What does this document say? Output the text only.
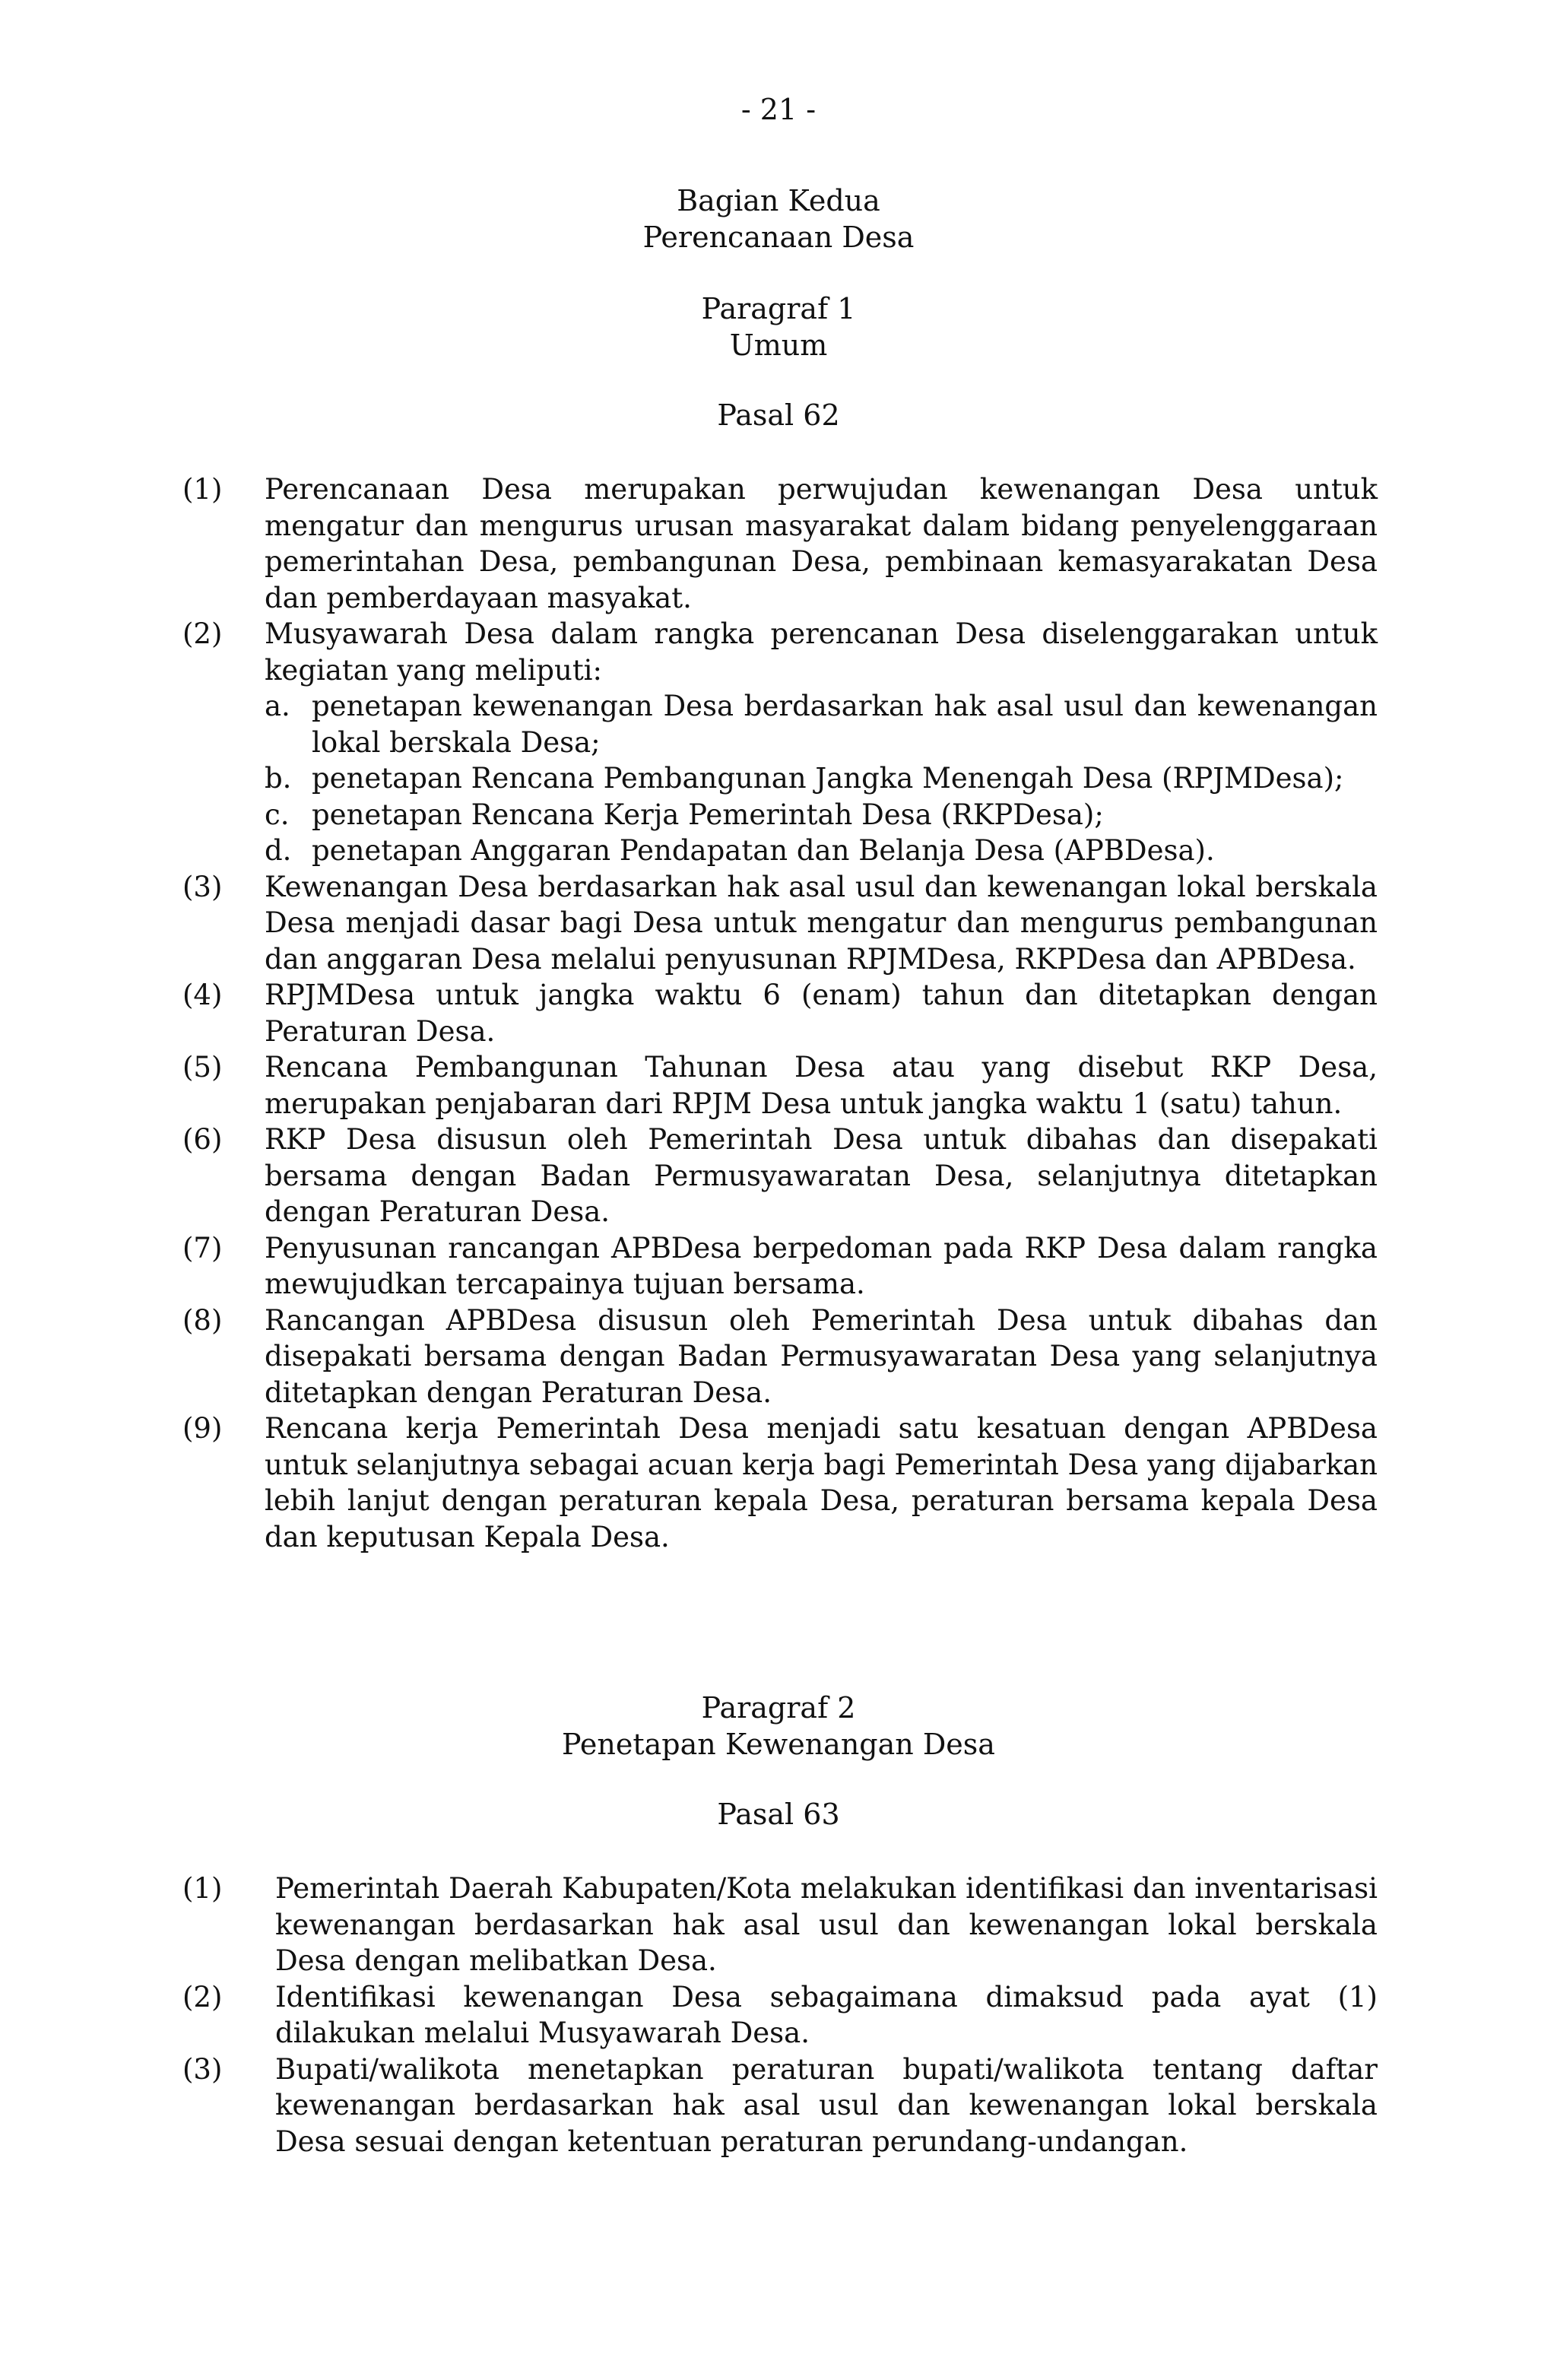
- 21 -
Bagian Kedua
Perencanaan Desa
Paragraf 1
Umum
Pasal 62
(1) Perencanaan Desa merupakan perwujudan kewenangan Desa untuk mengatur dan mengurus urusan masyarakat dalam bidang penyelenggaraan pemerintahan Desa, pembangunan Desa, pembinaan kemasyarakatan Desa dan pemberdayaan masyakat.
(2) Musyawarah Desa dalam rangka perencanan Desa diselenggarakan untuk kegiatan yang meliputi:
a. penetapan kewenangan Desa berdasarkan hak asal usul dan kewenangan lokal berskala Desa;
b. penetapan Rencana Pembangunan Jangka Menengah Desa (RPJMDesa);
c. penetapan Rencana Kerja Pemerintah Desa (RKPDesa);
d. penetapan Anggaran Pendapatan dan Belanja Desa (APBDesa).
(3) Kewenangan Desa berdasarkan hak asal usul dan kewenangan lokal berskala Desa menjadi dasar bagi Desa untuk mengatur dan mengurus pembangunan dan anggaran Desa melalui penyusunan RPJMDesa, RKPDesa dan APBDesa.
(4) RPJMDesa untuk jangka waktu 6 (enam) tahun dan ditetapkan dengan Peraturan Desa.
(5) Rencana Pembangunan Tahunan Desa atau yang disebut RKP Desa, merupakan penjabaran dari RPJM Desa untuk jangka waktu 1 (satu) tahun.
(6) RKP Desa disusun oleh Pemerintah Desa untuk dibahas dan disepakati bersama dengan Badan Permusyawaratan Desa, selanjutnya ditetapkan dengan Peraturan Desa.
(7) Penyusunan rancangan APBDesa berpedoman pada RKP Desa dalam rangka mewujudkan tercapainya tujuan bersama.
(8) Rancangan APBDesa disusun oleh Pemerintah Desa untuk dibahas dan disepakati bersama dengan Badan Permusyawaratan Desa yang selanjutnya ditetapkan dengan Peraturan Desa.
(9) Rencana kerja Pemerintah Desa menjadi satu kesatuan dengan APBDesa untuk selanjutnya sebagai acuan kerja bagi Pemerintah Desa yang dijabarkan lebih lanjut dengan peraturan kepala Desa, peraturan bersama kepala Desa dan keputusan Kepala Desa.
Paragraf 2
Penetapan Kewenangan Desa
Pasal 63
(1)	Pemerintah Daerah Kabupaten/Kota melakukan identifikasi dan inventarisasi kewenangan berdasarkan hak asal usul dan kewenangan lokal berskala Desa dengan melibatkan Desa.
(2)	Identifikasi kewenangan Desa sebagaimana dimaksud pada ayat (1) dilakukan melalui Musyawarah Desa.
(3)	Bupati/walikota menetapkan peraturan bupati/walikota tentang daftar kewenangan berdasarkan hak asal usul dan kewenangan lokal berskala Desa sesuai dengan ketentuan peraturan perundang-undangan.
